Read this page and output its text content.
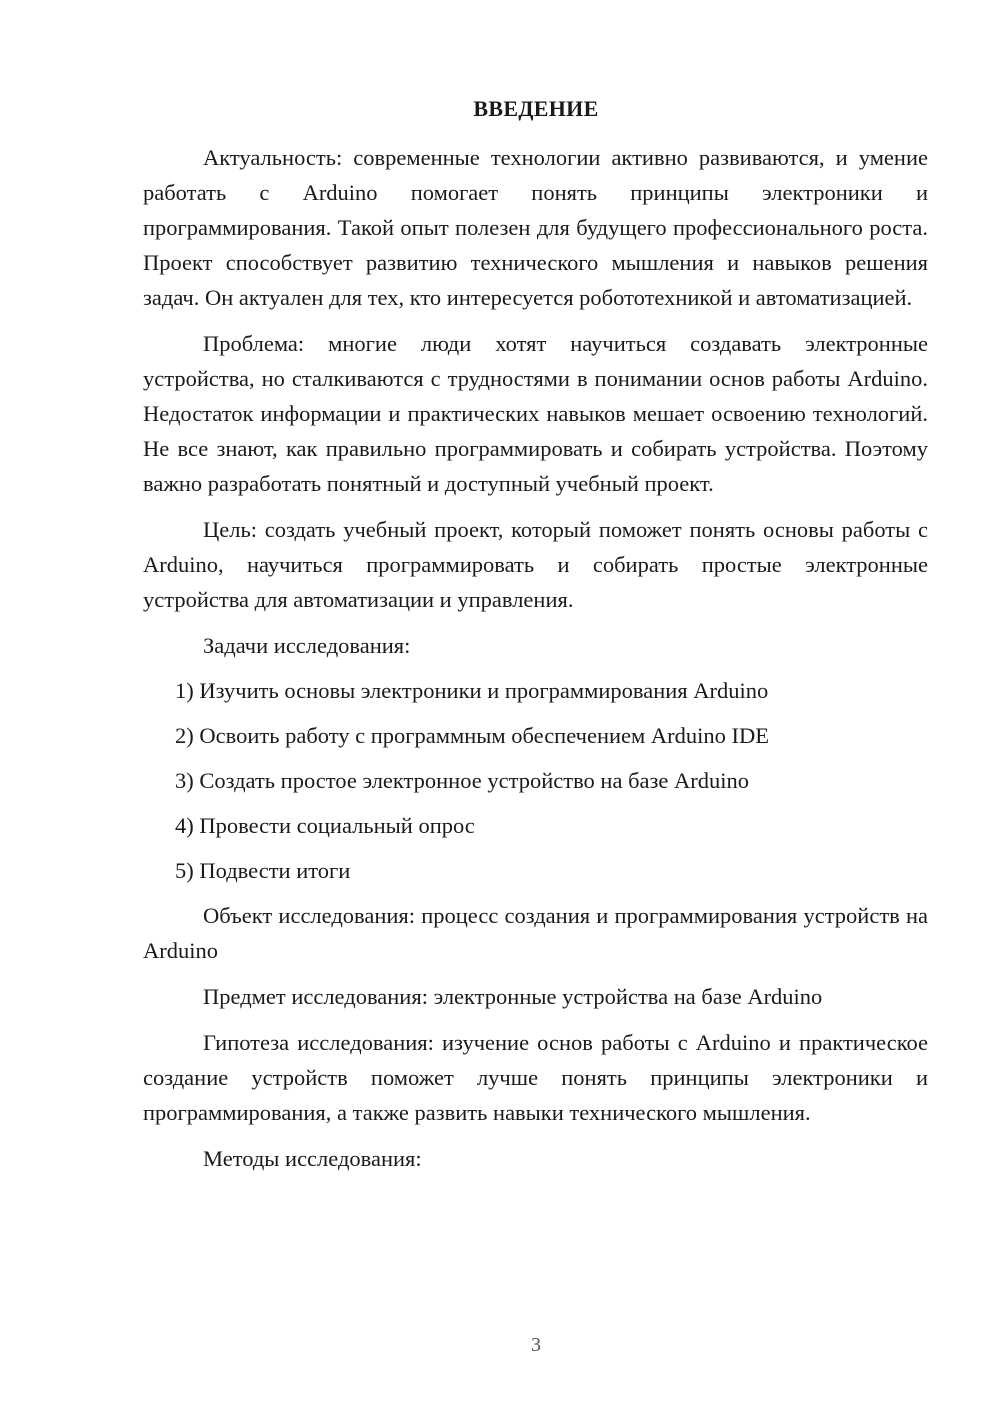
ВВЕДЕНИЕ

Актуальность: современные технологии активно развиваются, и умение работать с Arduino помогает понять принципы электроники и программирования. Такой опыт полезен для будущего профессионального роста. Проект способствует развитию технического мышления и навыков решения задач. Он актуален для тех, кто интересуется робототехникой и автоматизацией.

Проблема: многие люди хотят научиться создавать электронные устройства, но сталкиваются с трудностями в понимании основ работы Arduino. Недостаток информации и практических навыков мешает освоению технологий. Не все знают, как правильно программировать и собирать устройства. Поэтому важно разработать понятный и доступный учебный проект.

Цель: создать учебный проект, который поможет понять основы работы с Arduino, научиться программировать и собирать простые электронные устройства для автоматизации и управления.

Задачи исследования:

1) Изучить основы электроники и программирования Arduino
2) Освоить работу с программным обеспечением Arduino IDE
3) Создать простое электронное устройство на базе Arduino
4) Провести социальный опрос
5) Подвести итоги

Объект исследования: процесс создания и программирования устройств на Arduino

Предмет исследования: электронные устройства на базе Arduino

Гипотеза исследования: изучение основ работы с Arduino и практическое создание устройств поможет лучше понять принципы электроники и программирования, а также развить навыки технического мышления.

Методы исследования:

3
